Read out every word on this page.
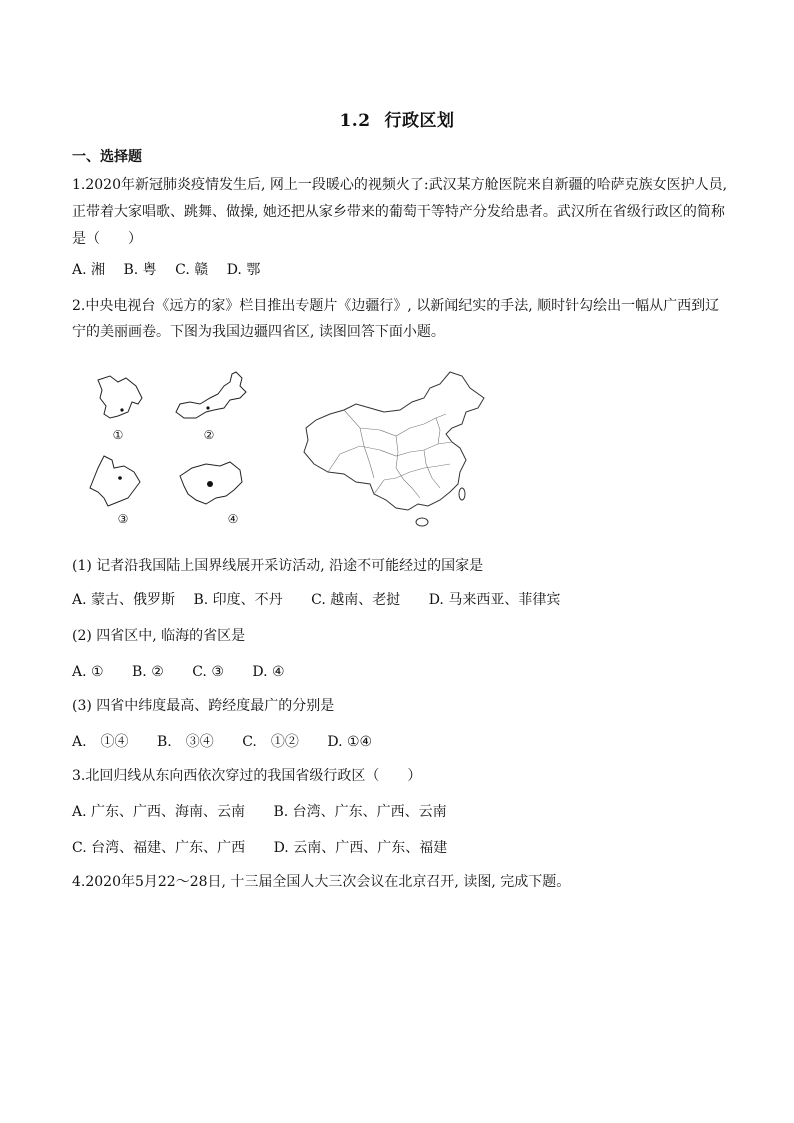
1.2 行政区划
一、选择题
1.2020年新冠肺炎疫情发生后, 网上一段暖心的视频火了:武汉某方舱医院来自新疆的哈萨克族女医护人员, 正带着大家唱歌、跳舞、做操, 她还把从家乡带来的葡萄干等特产分发给患者。武汉所在省级行政区的简称是（　　）
A. 湘 B. 粤 C. 赣 D. 鄂
2.中央电视台《远方的家》栏目推出专题片《边疆行》, 以新闻纪实的手法, 顺时针勾绘出一幅从广西到辽
宁的美丽画卷。下图为我国边疆四省区, 读图回答下面小题。
①	②
③	④
(1) 记者沿我国陆上国界线展开采访活动, 沿途不可能经过的国家是
A. 蒙古、俄罗斯 B. 印度、不丹 C. 越南、老挝 D. 马来西亚、菲律宾
(2) 四省区中, 临海的省区是
A. ① B. ② C. ③ D. ④
(3) 四省中纬度最高、跨经度最广的分别是
A.　①④ B.　③④ C.　①② D. ①④
3.北回归线从东向西依次穿过的我国省级行政区（　　）
A. 广东、广西、海南、云南 B. 台湾、广东、广西、云南
C. 台湾、福建、广东、广西 D. 云南、广西、广东、福建
4.2020年5月22～28日, 十三届全国人大三次会议在北京召开, 读图, 完成下题。
